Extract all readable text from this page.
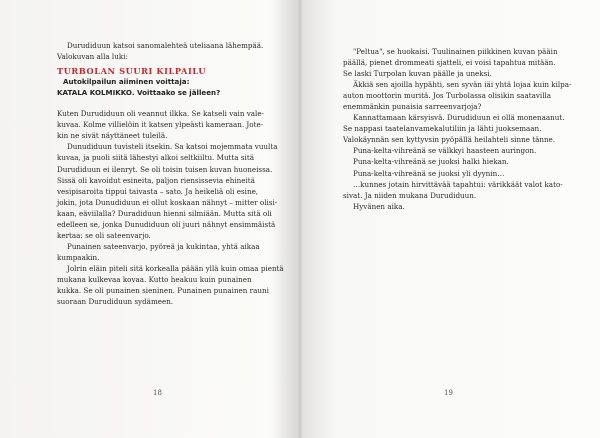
Durudiduun katsoi sanomalehteä uteliaana lähempää.
Valokuvan alla luki:
TURBOLAN SUURI KILPAILU
Autokilpailun aiiminen voittaja:
KATALA KOLMIKKO. Voittaako se jälleen?
Kuten Durudiduun oli veannut ilkka. Se katseli vain vale-
kuvaa. Kolme villielöin it katsen ylpeästi kameraan. Jote-
kin ne sivät näyttäneet tuleilä.
Dunudiduun tuvisteli itsekin. Sa katsoi mojemmata vuulta
kuvaa, ja puoli siitä lähestyi alkoi seltkiiltu. Mutta sitä
Durudiduun ei ilenryt. Se oli toisin tuisen kuvan huoneissa.
Sissä oli kavoidut esineita, paljon riensissevia ehineitä
vesipisaroita tippui taivasta – sato. Ja heikeliä oli esine,
jokin, jota Dunudiduun ei ollut koskaan nähnyt – mitter olisi-
kaan, eäviilalla? Duradiduun hienni silmiään. Mutta sitä oli
edelleen se, jonka Dunudiduun oli juuri nähnyt ensimmäistä
kertaa: se oli sateenvarjo.
Punainen sateenvarjo, pyöreä ja kukintaa, yhtä aikaa
kumpaakin.
Jolrin eläin piteli sitä korkealla päään yllä kuin omaa pientä
mukana kulkevaa kovaa. Kutto heakuu kuin punainen
kukka. Se oli punainen sieninen. Punainen punainen rauni
suoraan Durudiduun sydämeen.
18
"Peltua", se huokaisi. Tuulinainen piikkinen kuvan pääin
päällä, pienet drommeati sjatteli, ei voisi tapahtua mitään.
Se laski Turpolan kuvan päälle ja uneksi.
Äkkiä sen ajoilla hypähti, sen syvän iäi yhtä lojaa kuin kilpa-
auton moottorin muritä. Jos Turbolassa olisikin saatavilla
enemmänkin punaisia sarreenvarjoja?
Kannattamaan kärsyisvä. Durudiduun ei ollä monenaanut.
Se nappasi taatelanvamekalutiliin ja lähti juoksemaan.
Valokäynnän sen kyttyvsin pyöpällä heilahteli sinne tänne.
Puna-kelta-vihreänä se välkkyi haasteen auringon.
Puna-kelta-vihreänä se juoksi halki hiekan.
Puna-kelta-vihreänä se juoksi yli dyynin…
…kunnes jotain hirvittävää tapahtui: värikkäät valot kato-
sivat. Ja niiden mukana Durudiduun.
Hyvänen aika.
19
